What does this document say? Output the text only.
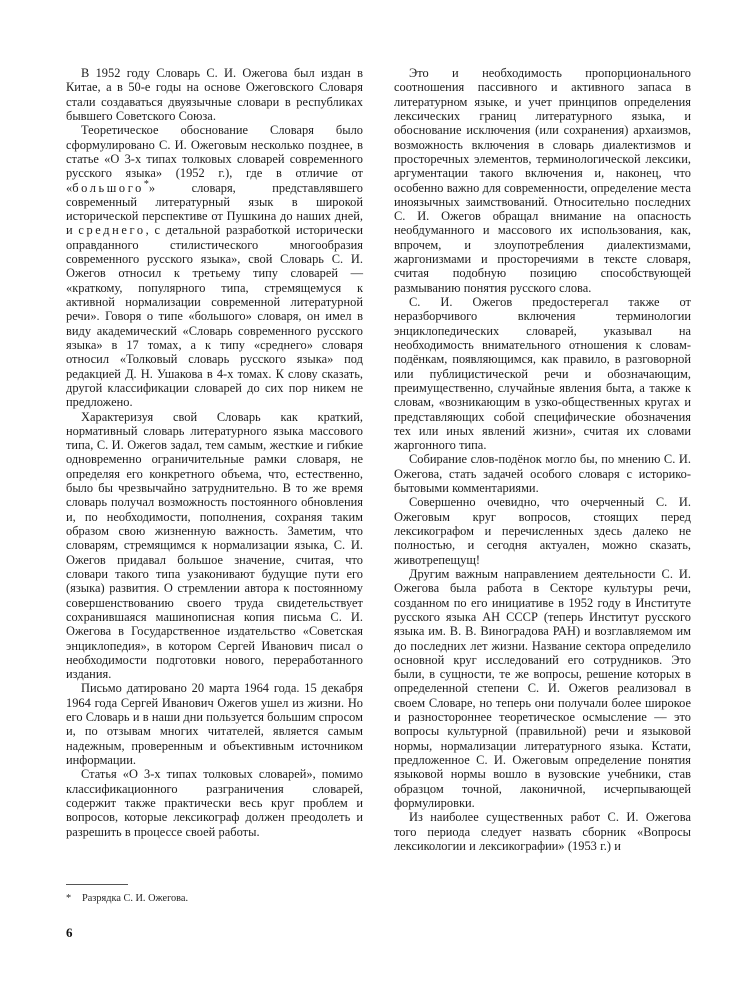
В 1952 году Словарь С. И. Ожегова был издан в Китае, а в 50-е годы на основе Ожеговского Словаря стали создаваться двуязычные словари в республиках бывшего Советского Союза.

Теоретическое обоснование Словаря было сформулировано С. И. Ожеговым несколько позднее, в статье «О 3-х типах толковых словарей современного русского языка» (1952 г.), где в отличие от «большого*» словаря, представлявшего современный литературный язык в широкой исторической перспективе от Пушкина до наших дней, и среднего, с детальной разработкой исторически оправданного стилистического многообразия современного русского языка», свой Словарь С. И. Ожегов относил к третьему типу словарей — «краткому, популярного типа, стремящемуся к активной нормализации современной литературной речи». Говоря о типе «большого» словаря, он имел в виду академический «Словарь современного русского языка» в 17 томах, а к типу «среднего» словаря относил «Толковый словарь русского языка» под редакцией Д. Н. Ушакова в 4-х томах. К слову сказать, другой классификации словарей до сих пор никем не предложено.

Характеризуя свой Словарь как краткий, нормативный словарь литературного языка массового типа, С. И. Ожегов задал, тем самым, жесткие и гибкие одновременно ограничительные рамки словаря, не определяя его конкретного объема, что, естественно, было бы чрезвычайно затруднительно. В то же время словарь получал возможность постоянного обновления и, по необходимости, пополнения, сохраняя таким образом свою жизненную важность. Заметим, что словарям, стремящимся к нормализации языка, С. И. Ожегов придавал большое значение, считая, что словари такого типа узаконивают будущие пути его (языка) развития. О стремлении автора к постоянному совершенствованию своего труда свидетельствует сохранившаяся машинописная копия письма С. И. Ожегова в Государственное издательство «Советская энциклопедия», в котором Сергей Иванович писал о необходимости подготовки нового, переработанного издания.

Письмо датировано 20 марта 1964 года. 15 декабря 1964 года Сергей Иванович Ожегов ушел из жизни. Но его Словарь и в наши дни пользуется большим спросом и, по отзывам многих читателей, является самым надежным, проверенным и объективным источником информации.

Статья «О 3-х типах толковых словарей», помимо классификационного разграничения словарей, содержит также практически весь круг проблем и вопросов, которые лексикограф должен преодолеть и разрешить в процессе своей работы.

Это и необходимость пропорционального соотношения пассивного и активного запаса в литературном языке, и учет принципов определения лексических границ литературного языка, и обоснование исключения (или сохранения) архаизмов, возможность включения в словарь диалектизмов и просторечных элементов, терминологической лексики, аргументации такого включения и, наконец, что особенно важно для современности, определение места иноязычных заимствований. Относительно последних С. И. Ожегов обращал внимание на опасность необдуманного и массового их использования, как, впрочем, и злоупотребления диалектизмами, жаргонизмами и просторечиями в тексте словаря, считая подобную позицию способствующей размыванию понятия русского слова.

С. И. Ожегов предостерегал также от неразборчивого включения терминологии энциклопедических словарей, указывал на необходимость внимательного отношения к словам-подёнкам, появляющимся, как правило, в разговорной или публицистической речи и обозначающим, преимущественно, случайные явления быта, а также к словам, «возникающим в узко-общественных кругах и представляющих собой специфические обозначения тех или иных явлений жизни», считая их словами жаргонного типа.

Собирание слов-подёнок могло бы, по мнению С. И. Ожегова, стать задачей особого словаря с историко-бытовыми комментариями.

Совершенно очевидно, что очерченный С. И. Ожеговым круг вопросов, стоящих перед лексикографом и перечисленных здесь далеко не полностью, и сегодня актуален, можно сказать, животрепещущ!

Другим важным направлением деятельности С. И. Ожегова была работа в Секторе культуры речи, созданном по его инициативе в 1952 году в Институте русского языка АН СССР (теперь Институт русского языка им. В. В. Виноградова РАН) и возглавляемом им до последних лет жизни. Название сектора определило основной круг исследований его сотрудников. Это были, в сущности, те же вопросы, решение которых в определенной степени С. И. Ожегов реализовал в своем Словаре, но теперь они получали более широкое и разностороннее теоретическое осмысление — это вопросы культурной (правильной) речи и языковой нормы, нормализации литературного языка. Кстати, предложенное С. И. Ожеговым определение понятия языковой нормы вошло в вузовские учебники, став образцом точной, лаконичной, исчерпывающей формулировки.

Из наиболее существенных работ С. И. Ожегова того периода следует назвать сборник «Вопросы лексикологии и лексикографии» (1953 г.) и

* Разрядка С. И. Ожегова.

6
